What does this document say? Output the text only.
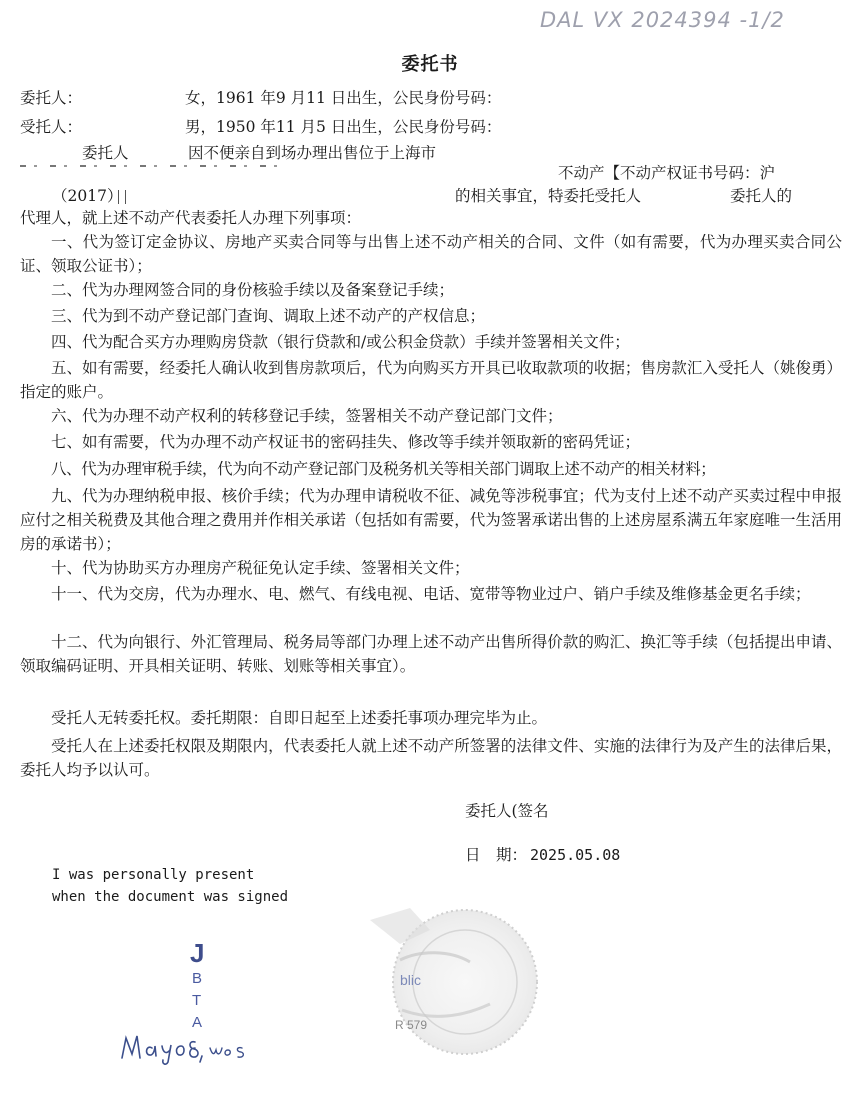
DAL VX 2024394 -1/2
委托书
委托人：	女，1961 年9 月11 日出生，公民身份号码：
受托人：	男，1950 年11 月5 日出生，公民身份号码：
委托人	因不便亲自到场办理出售位于上海市
不动产【不动产权证书号码：沪
（2017）	的相关事宜，特委托受托人	委托人的
代理人，就上述不动产代表委托人办理下列事项：
一、代为签订定金协议、房地产买卖合同等与出售上述不动产相关的合同、文件（如有需要，代为办理买卖合同公证、领取公证书）；
二、代为办理网签合同的身份核验手续以及备案登记手续；
三、代为到不动产登记部门查询、调取上述不动产的产权信息；
四、代为配合买方办理购房贷款（银行贷款和/或公积金贷款）手续并签署相关文件；
五、如有需要，经委托人确认收到售房款项后，代为向购买方开具已收取款项的收据；售房款汇入受托人（姚俊勇）指定的账户。
六、代为办理不动产权利的转移登记手续，签署相关不动产登记部门文件；
七、如有需要，代为办理不动产权证书的密码挂失、修改等手续并领取新的密码凭证；
八、代为办理审税手续，代为向不动产登记部门及税务机关等相关部门调取上述不动产的相关材料；
九、代为办理纳税申报、核价手续；代为办理申请税收不征、减免等涉税事宜；代为支付上述不动产买卖过程中申报应付之相关税费及其他合理之费用并作相关承诺（包括如有需要，代为签署承诺出售的上述房屋系满五年家庭唯一生活用房的承诺书）；
十、代为协助买方办理房产税征免认定手续、签署相关文件；
十一、代为交房，代为办理水、电、燃气、有线电视、电话、宽带等物业过户、销户手续及维修基金更名手续；
十二、代为向银行、外汇管理局、税务局等部门办理上述不动产出售所得价款的购汇、换汇等手续（包括提出申请、领取编码证明、开具相关证明、转账、划账等相关事宜）。
受托人无转委托权。委托期限：自即日起至上述委托事项办理完毕为止。
受托人在上述委托权限及期限内，代表委托人就上述不动产所签署的法律文件、实施的法律行为及产生的法律后果，委托人均予以认可。
委托人(签名
日　期： 2025.05.08
I was personally present
when the document was signed
J
B
T
A
blic
R 579
